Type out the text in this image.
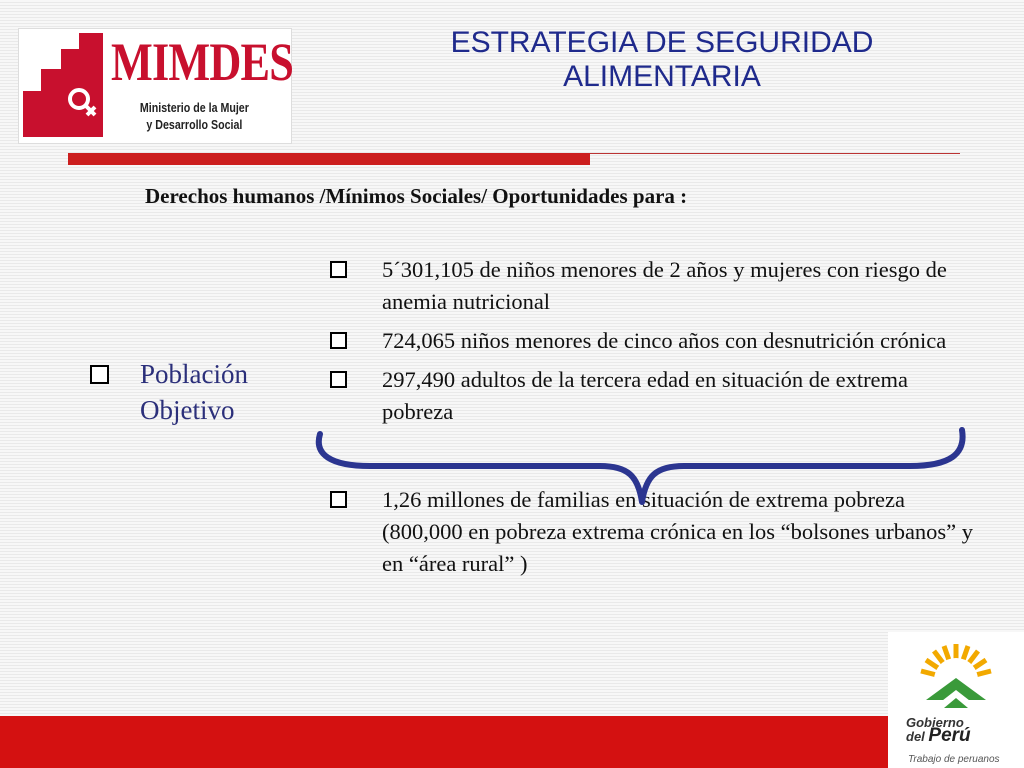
MIMDES
Ministerio de la Mujer y Desarrollo Social
ESTRATEGIA DE SEGURIDAD ALIMENTARIA
Derechos humanos /Mínimos Sociales/ Oportunidades para :
Población Objetivo
5´301,105 de niños menores de 2 años y mujeres con riesgo de anemia nutricional
724,065 niños menores de cinco años con desnutrición crónica
297,490 adultos de la tercera edad en situación de extrema pobreza
1,26 millones de familias en situación de extrema pobreza (800,000 en pobreza extrema crónica en los “bolsones urbanos” y en “área rural” )
Gobierno
del Perú
Trabajo de peruanos
